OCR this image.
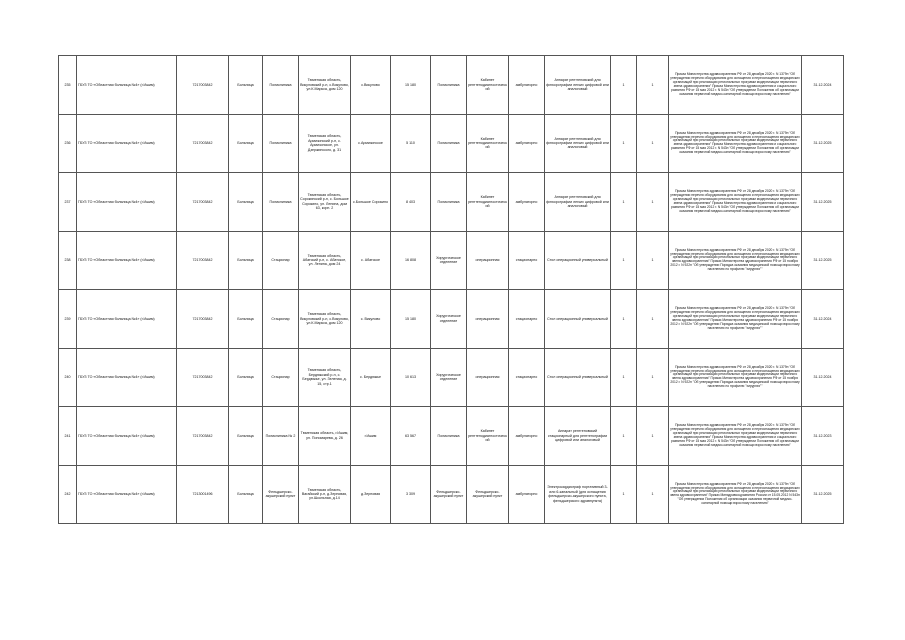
235	ГБУЗ ТО «Областная больница №4» (г.Ишим)	7217003842	Больница	Поликлиника	Тюменская область, Викуловский р-н, с.Викулово, ул.К.Маркса, дом 120	с.Викулово	15 180	Поликлиника	Кабинет рентгенодиагностический	амбулаторно	Аппарат рентгеновский для флюорографии легких цифровой или аналоговый	1	1	Приказ Министерства здравоохранения РФ от 28 декабря 2020 г. N 1379н "Об утверждении перечня оборудования для оснащения и переоснащения медицинских организаций при реализации региональных программ модернизации первичного звена здравоохранения" Приказ Министерства здравоохранения и социального развития РФ от 15 мая 2012 г. N 543н "Об утверждении Положения об организации оказания первичной медико-санитарной помощи взрослому населению"	31.12.2024
236	ГБУЗ ТО «Областная больница №4» (г.Ишим)	7217003842	Больница	Поликлиника	Тюменская область, Армизонский р-н, с. Армизонское, ул. Дзержинского, д. 31	с.Армизонское	5 110	Поликлиника	Кабинет рентгенодиагностический	амбулаторно	Аппарат рентгеновский для флюорографии легких цифровой или аналоговый	1	1	Приказ Министерства здравоохранения РФ от 28 декабря 2020 г. N 1379н "Об утверждении перечня оборудования для оснащения и переоснащения медицинских организаций при реализации региональных программ модернизации первичного звена здравоохранения" Приказ Министерства здравоохранения и социального развития РФ от 15 мая 2012 г. N 543н "Об утверждении Положения об организации оказания первичной медико-санитарной помощи взрослому населению"	31.12.2025
237	ГБУЗ ТО «Областная больница №4» (г.Ишим)	7217003842	Больница	Поликлиника	Тюменская область, Сорокинский р-н, с. Большое Сорокино, ул. Ленина, дом 63, корп. 2	с.Большое Сорокино	8 403	Поликлиника	Кабинет рентгенодиагностический	амбулаторно	Аппарат рентгеновский для флюорографии легких цифровой или аналоговый	1	1	Приказ Министерства здравоохранения РФ от 28 декабря 2020 г. N 1379н "Об утверждении перечня оборудования для оснащения и переоснащения медицинских организаций при реализации региональных программ модернизации первичного звена здравоохранения" Приказ Министерства здравоохранения и социального развития РФ от 15 мая 2012 г. N 543н "Об утверждении Положения об организации оказания первичной медико-санитарной помощи взрослому населению"	31.12.2025
238	ГБУЗ ТО «Областная больница №4» (г.Ишим)	7217003842	Больница	Стационар	Тюменская область, Абатский р-н, с. Абатское, ул. Ленина, дом 24	с. Абатское	16 808	Хирургическое отделение	операционная	стационарно	Стол операционный универсальный	1	1	Приказ Министерства здравоохранения РФ от 28 декабря 2020 г. N 1379н "Об утверждении перечня оборудования для оснащения и переоснащения медицинских организаций при реализации региональных программ модернизации первичного звена здравоохранения" Приказ Министерства здравоохранения РФ от 15 ноября 2012 г. N 922н "Об утверждении Порядка оказания медицинской помощи взрослому населению по профилю "хирургия""	31.12.2025
239	ГБУЗ ТО «Областная больница №4» (г.Ишим)	7217003842	Больница	Стационар	Тюменская область, Викуловский р-н, с.Викулово, ул.К.Маркса, дом 120	с. Викулово	15 180	Хирургическое отделение	операционная	стационарно	Стол операционный универсальный	1	1	Приказ Министерства здравоохранения РФ от 28 декабря 2020 г. N 1379н "Об утверждении перечня оборудования для оснащения и переоснащения медицинских организаций при реализации региональных программ модернизации первичного звена здравоохранения" Приказ Министерства здравоохранения РФ от 15 ноября 2012 г. N 922н "Об утверждении Порядка оказания медицинской помощи взрослому населению по профилю "хирургия""	31.12.2024
240	ГБУЗ ТО «Областная больница №4» (г.Ишим)	7217003842	Больница	Стационар	Тюменская область, Бердюжский р-н, с. Бердюжье, ул. Зеленая, д. 15, стр.1	с. Бердюжье	10 613	Хирургическое отделение	операционная	стационарно	Стол операционный универсальный	1	1	Приказ Министерства здравоохранения РФ от 28 декабря 2020 г. N 1379н "Об утверждении перечня оборудования для оснащения и переоснащения медицинских организаций при реализации региональных программ модернизации первичного звена здравоохранения" Приказ Министерства здравоохранения РФ от 15 ноября 2012 г. N 922н "Об утверждении Порядка оказания медицинской помощи взрослому населению по профилю "хирургия""	31.12.2024
241	ГБУЗ ТО «Областная больница №4» (г.Ишим)	7217003842	Больница	Поликлиника № 2	Тюменская область, г.Ишим, ул. Пономарева, д. 26	г.Ишим	63 567	Поликлиника	Кабинет рентгенодиагностический	амбулаторно	Аппарат рентгеновский стационарный для рентгенографии цифровой или аналоговый	1	1	Приказ Министерства здравоохранения РФ от 28 декабря 2020 г. N 1379н "Об утверждении перечня оборудования для оснащения и переоснащения медицинских организаций при реализации региональных программ модернизации первичного звена здравоохранения" Приказ Министерства здравоохранения и социального развития РФ от 15 мая 2012 г. N 543н "Об утверждении Положения об организации оказания первичной медико-санитарной помощи взрослому населению"	31.12.2023
242	ГБУЗ ТО «Областная больница №4» (г.Ишим)	7213001496	Больница	Фельдшерско-акушерский пункт	Тюменская область, Вагайский р-н, д.Зерновая, ул.Школьная, д.14	д.Зерновая	3 309	Фельдшерско-акушерский пункт	Фельдшерско-акушерский пункт	амбулаторно	Электрокардиограф портативный 3- или 6-канальный (для оснащения фельдшерско-акушерского пункта, фельдшерского здравпункта)	1	1	Приказ Министерства здравоохранения РФ от 28 декабря 2020 г. N 1379н "Об утверждении перечня оборудования для оснащения и переоснащения медицинских организаций при реализации региональных программ модернизации первичного звена здравоохранения" Приказ Минздравсоцразвития России от 15.05.2012 N 543н "Об утверждении Положения об организации оказания первичной медико-санитарной помощи взрослому населению"	31.12.2025
